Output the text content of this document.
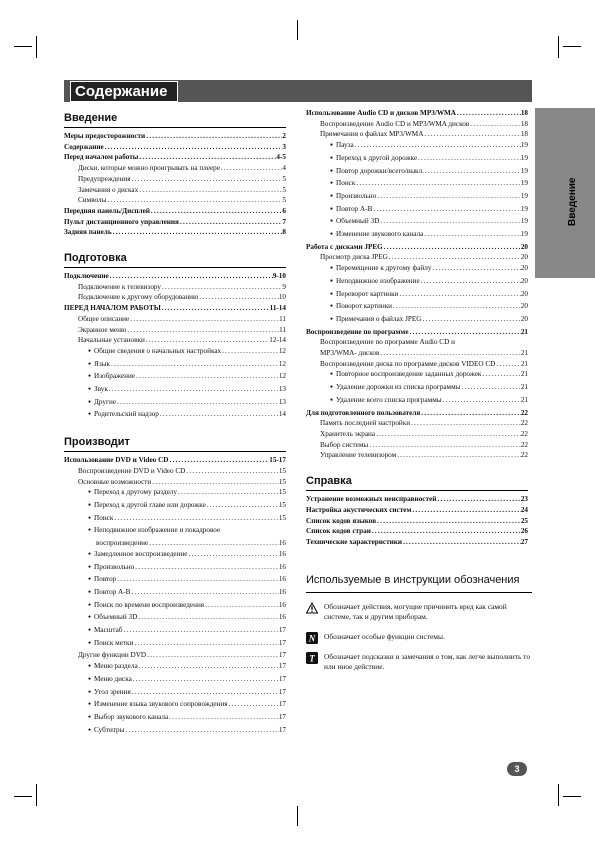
Содержание
Введение
Введение
Меры предосторожности .....	2
Содержание .....	3
Перед началом работы .....	4-5
Диски, которые можно проигрывать на плеере .....	4
Предупреждения .....	5
Замечания о дисках .....	5
Символы .....	5
Передняя панель/Дисплей .....	6
Пульт дистанционного управления .....	7
Задняя панель .....	8
Подготовка
Подключение .....	9-10
Подключение к телевизору .....	9
Подключение к другому оборудованию .....	10
ПЕРЕД НАЧАЛОМ РАБОТЫ .....	11-14
Общее описание .....	11
Экранное меню .....	11
Начальные установки .....	12-14
● Общие сведения о начальных настройках .....	12
● Язык .....	12
● Изображение .....	12
● Звук .....	13
● Другие .....	13
● Родительский надзор .....	14
Производит
Использование DVD и Video CD .....	15-17
Воспроизведение DVD и Video CD .....	15
Основные возможности .....	15
● Переход к другому разделу .....	15
● Переход к другой главе или дорожке .....	15
● Поиск .....	15
● Неподвижное изображение и покадровое
воспроизведение .....	16
● Замедленное воспроизведение .....	16
● Произвольно .....	16
● Повтор .....	16
● Повтор A-B .....	16
● Поиск по времени воспроизведения .....	16
● Объемный 3D .....	16
● Масштаб .....	17
● Поиск метки .....	17
Другие функции DVD .....	17
● Меню раздела .....	17
● Меню диска .....	17
● Угол зрения .....	17
● Изменение языка звукового сопровождения .....	17
● Выбор звукового канала .....	17
● Субтитры .....	17
Использование Audio CD и дисков MP3/WMA .....	18
Воспроизведение Audio CD и MP3/WMA дисков .....	18
Примечания о файлах MP3/WMA .....	18
● Пауза .....	19
● Переход к другой дорожке .....	19
● Повтор дорожки/всего/выкл. .....	19
● Поиск .....	19
● Произвольно .....	19
● Повтор A-B .....	19
● Объемный 3D .....	19
● Изменение звукового канала .....	19
Работа с дисками JPEG .....	20
Просмотр диска JPEG .....	20
● Перемещение к другому файлу .....	20
● Неподвижное изображение .....	20
● Переворот картинки .....	20
● Поворот картинки .....	20
● Примечания о файлах JPEG .....	20
Воспроизведение по программе .....	21
Воспроизведение по программе Audio CD и
MP3/WMA- дисков .....	21
Воспроизведение диска по программе дисков VIDEO CD .....	21
● Повторное воспроизведение заданных дорожек .....	21
● Удаление дорожки из списка программы .....	21
● Удаление всего списка программы .....	21
Для подготовленного пользователя .....	22
Память последней настройки .....	22
Хранитель экрана .....	22
Выбор системы .....	22
Управление телевизором .....	22
Справка
Устранение возможных неисправностей .....	23
Настройка акустических систем .....	24
Список кодов языков .....	25
Список кодов стран .....	26
Технические характеристики .....	27
Используемые в инструкции обозначения
Обозначает действия, могущие причинить вред как самой системе, так и другим приборам.
N Обозначает особые функции системы.
T Обозначает подсказки и замечания о том, как легче выполнить то или иное действие.
3
